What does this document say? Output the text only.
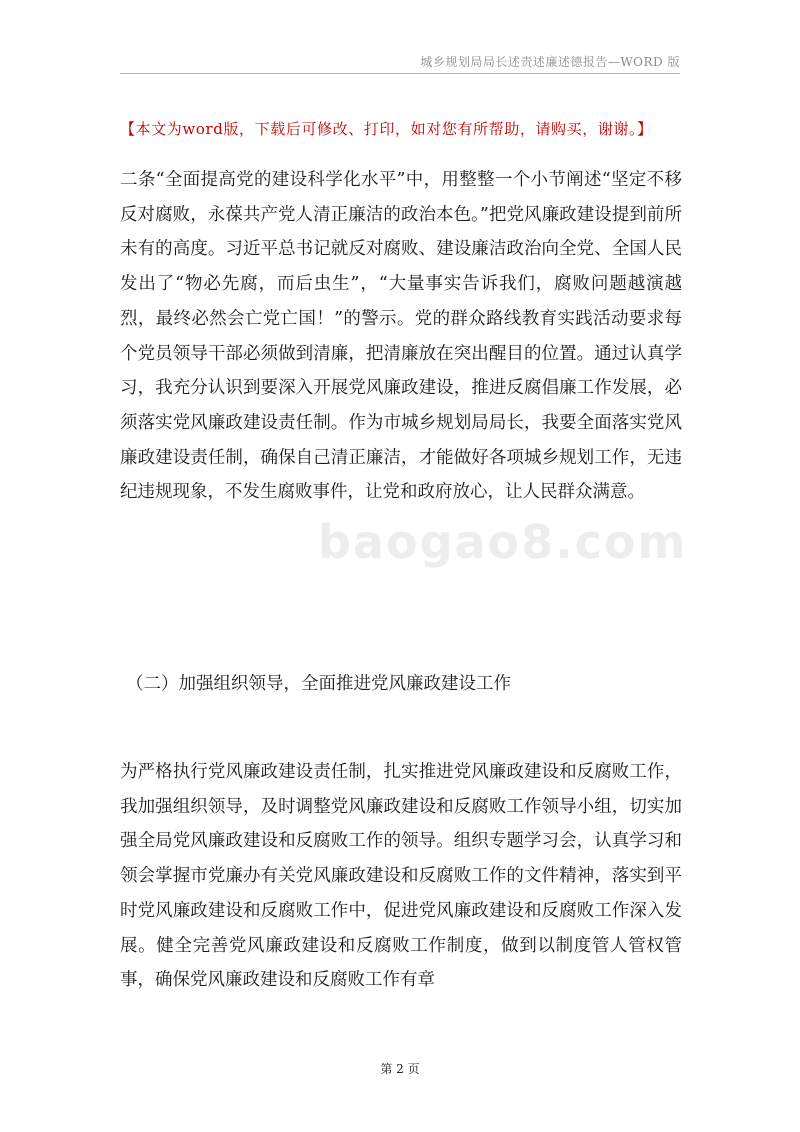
城乡规划局局长述责述廉述德报告—WORD 版
【本文为word版，下载后可修改、打印，如对您有所帮助，请购买，谢谢。】
baogao8.com
二条“全面提高党的建设科学化水平”中，用整整一个小节阐述“坚定不移反对腐败，永葆共产党人清正廉洁的政治本色。”把党风廉政建设提到前所未有的高度。习近平总书记就反对腐败、建设廉洁政治向全党、全国人民发出了“物必先腐，而后虫生”，“大量事实告诉我们，腐败问题越演越烈，最终必然会亡党亡国！”的警示。党的群众路线教育实践活动要求每个党员领导干部必须做到清廉，把清廉放在突出醒目的位置。通过认真学习，我充分认识到要深入开展党风廉政建设，推进反腐倡廉工作发展，必须落实党风廉政建设责任制。作为市城乡规划局局长，我要全面落实党风廉政建设责任制，确保自己清正廉洁，才能做好各项城乡规划工作，无违纪违规现象，不发生腐败事件，让党和政府放心，让人民群众满意。
（二）加强组织领导，全面推进党风廉政建设工作
为严格执行党风廉政建设责任制，扎实推进党风廉政建设和反腐败工作，我加强组织领导，及时调整党风廉政建设和反腐败工作领导小组，切实加强全局党风廉政建设和反腐败工作的领导。组织专题学习会，认真学习和领会掌握市党廉办有关党风廉政建设和反腐败工作的文件精神，落实到平时党风廉政建设和反腐败工作中，促进党风廉政建设和反腐败工作深入发展。健全完善党风廉政建设和反腐败工作制度，做到以制度管人管权管事，确保党风廉政建设和反腐败工作有章
第 2 页
